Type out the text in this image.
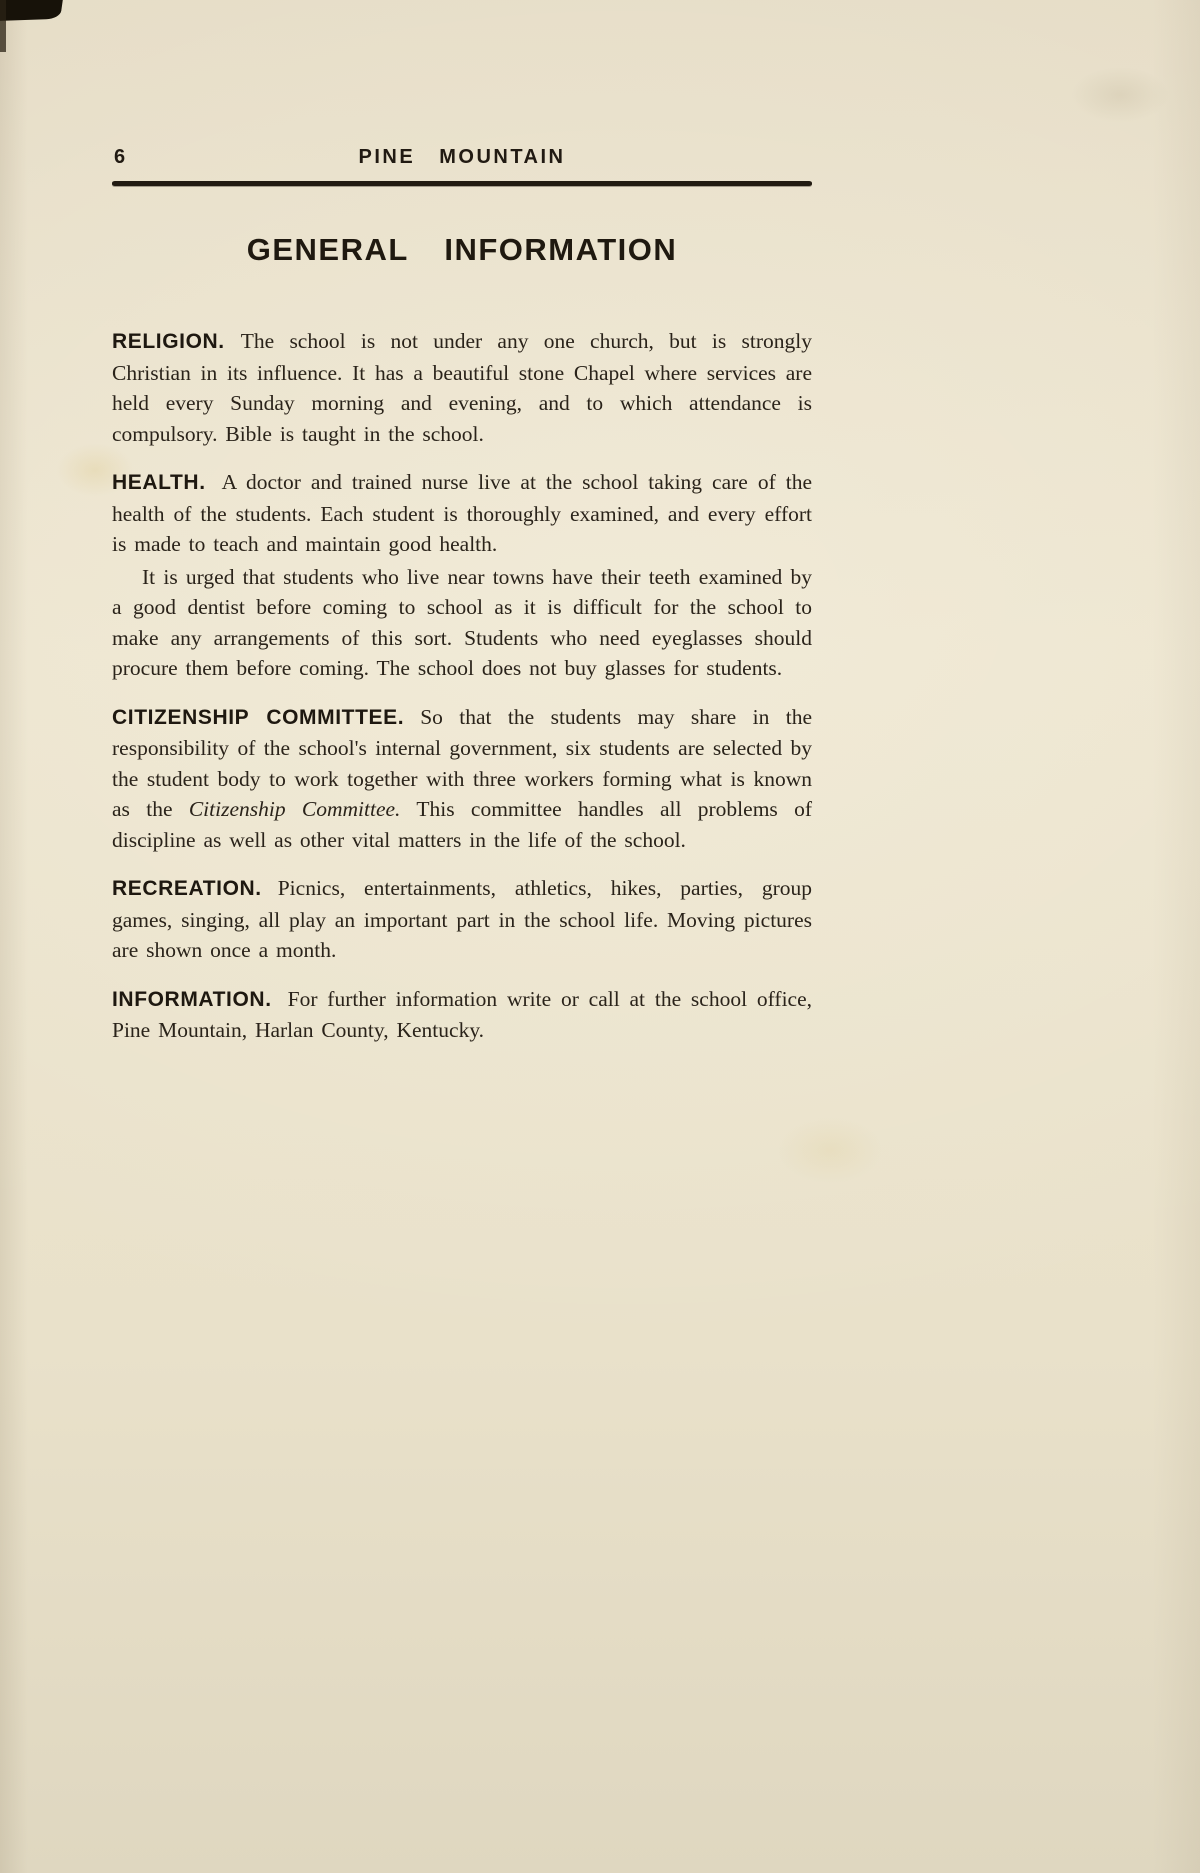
6	PINE MOUNTAIN
GENERAL INFORMATION

RELIGION. The school is not under any one church, but is strongly Christian in its influence. It has a beautiful stone Chapel where services are held every Sunday morning and evening, and to which attendance is compulsory. Bible is taught in the school.

HEALTH. A doctor and trained nurse live at the school taking care of the health of the students. Each student is thoroughly examined, and every effort is made to teach and maintain good health.

It is urged that students who live near towns have their teeth examined by a good dentist before coming to school as it is difficult for the school to make any arrangements of this sort. Students who need eyeglasses should procure them before coming. The school does not buy glasses for students.

CITIZENSHIP COMMITTEE. So that the students may share in the responsibility of the school's internal government, six students are selected by the student body to work together with three workers forming what is known as the Citizenship Committee. This committee handles all problems of discipline as well as other vital matters in the life of the school.

RECREATION. Picnics, entertainments, athletics, hikes, parties, group games, singing, all play an important part in the school life. Moving pictures are shown once a month.

INFORMATION. For further information write or call at the school office, Pine Mountain, Harlan County, Kentucky.
